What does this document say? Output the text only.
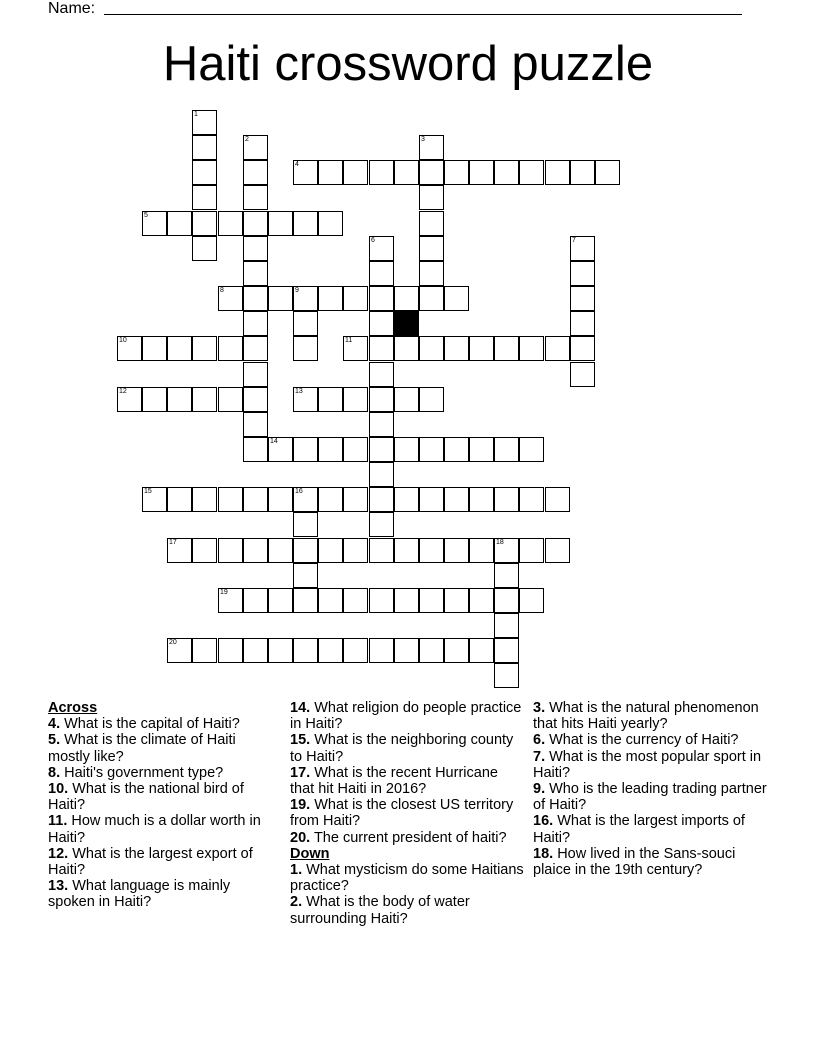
Name:
Haiti crossword puzzle
1
2	3
4
5
6	7
8	9
10	11
12	13
14
15	16
17	18
19
20
Across

4. What is the capital of Haiti?

5. What is the climate of Haiti mostly like?

8. Haiti's government type?

10. What is the national bird of Haiti?

11. How much is a dollar worth in Haiti?

12. What is the largest export of Haiti?

13. What language is mainly spoken in Haiti?

14. What religion do people practice in Haiti?

15. What is the neighboring county to Haiti?

17. What is the recent Hurricane that hit Haiti in 2016?

19. What is the closest US territory from Haiti?

20. The current president of haiti?

Down

1. What mysticism do some Haitians practice?

2. What is the body of water surrounding Haiti?

3. What is the natural phenomenon that hits Haiti yearly?

6. What is the currency of Haiti?

7. What is the most popular sport in Haiti?

9. Who is the leading trading partner of Haiti?

16. What is the largest imports of Haiti?

18. How lived in the Sans-souci plaice in the 19th century?
